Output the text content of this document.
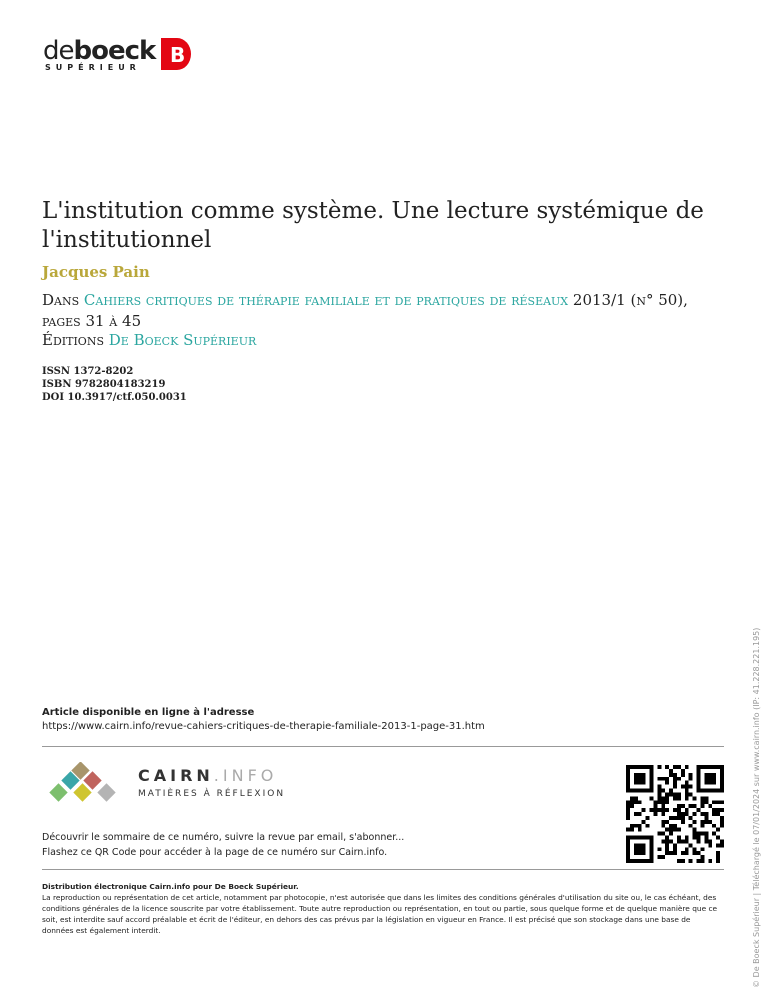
deboeck
SUPÉRIEUR
B
L'institution comme système. Une lecture systémique de l'institutionnel
Jacques Pain
Dans Cahiers critiques de thérapie familiale et de pratiques de réseaux 2013/1 (n° 50), pages 31 à 45
Éditions De Boeck Supérieur
ISSN 1372-8202
ISBN 9782804183219
DOI 10.3917/ctf.050.0031
Article disponible en ligne à l'adresse
https://www.cairn.info/revue-cahiers-critiques-de-therapie-familiale-2013-1-page-31.htm
CAIRN.INFO
MATIÈRES À RÉFLEXION
Découvrir le sommaire de ce numéro, suivre la revue par email, s'abonner...
Flashez ce QR Code pour accéder à la page de ce numéro sur Cairn.info.
Distribution électronique Cairn.info pour De Boeck Supérieur.
La reproduction ou représentation de cet article, notamment par photocopie, n'est autorisée que dans les limites des conditions générales d'utilisation du site ou, le cas échéant, des conditions générales de la licence souscrite par votre établissement. Toute autre reproduction ou représentation, en tout ou partie, sous quelque forme et de quelque manière que ce soit, est interdite sauf accord préalable et écrit de l'éditeur, en dehors des cas prévus par la législation en vigueur en France. Il est précisé que son stockage dans une base de données est également interdit.	© De Boeck Supérieur | Téléchargé le 07/01/2024 sur www.cairn.info (IP: 41.228.221.195)
